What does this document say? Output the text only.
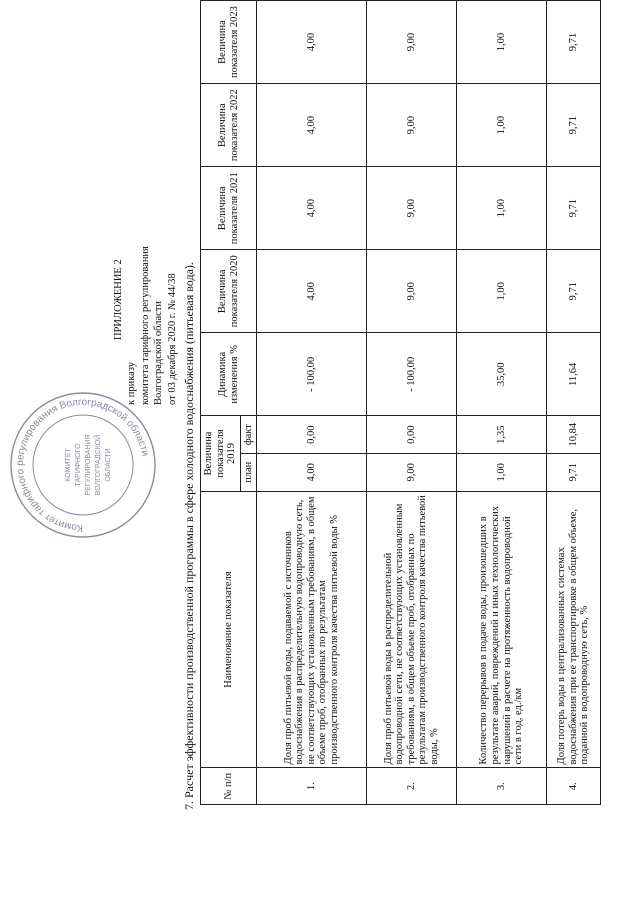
Комитет тарифного регулирования Волгоградской области
КОМИТЕТ ТАРИФНОГО РЕГУЛИРОВАНИЯ ВОЛГОГРАДСКОЙ ОБЛАСТИ
ПРИЛОЖЕНИЕ 2
к приказу комитета тарифного регулирования Волгоградской области от 03 декабря 2020 г. № 44/38 7. Расчет эффективности производственной программы в сфере холодного водоснабжения (питьевая вода).	№ п/п	Наименование показателя	Величина показателя 2019		Динамика изменения %	Величина показателя 2020	Величина показателя 2021	Величина показателя 2022	Величина показателя 2023
		план	факт					
1.	Доля проб питьевой воды, подаваемой с источников водоснабжения в распределительную водопроводную сеть, не соответствующих установленным требованиям, в общем объеме проб, отобранных по результатам производственного контроля качества питьевой воды %	4,00	0,00	- 100,00	4,00	4,00	4,00	4,00
2.	Доля проб питьевой воды в распределительной водопроводной сети, не соответствующих установленным требованиям, в общем объеме проб, отобранных по результатам производственного контроля качества питьевой воды, %	9,00	0,00	- 100,00	9,00	9,00	9,00	9,00
3.	Количество перерывов в подаче воды, произошедших в результате аварий, повреждений и иных технологических нарушений в расчете на протяженность водопроводной сети в год, ед./км	1,00	1,35	35,00	1,00	1,00	1,00	1,00
4.	Доля потерь воды в централизованных системах водоснабжения при ее транспортировке в общем объеме, поданной в водопроводную сеть, %	9,71	10,84	11,64	9,71	9,71	9,71	9,71
